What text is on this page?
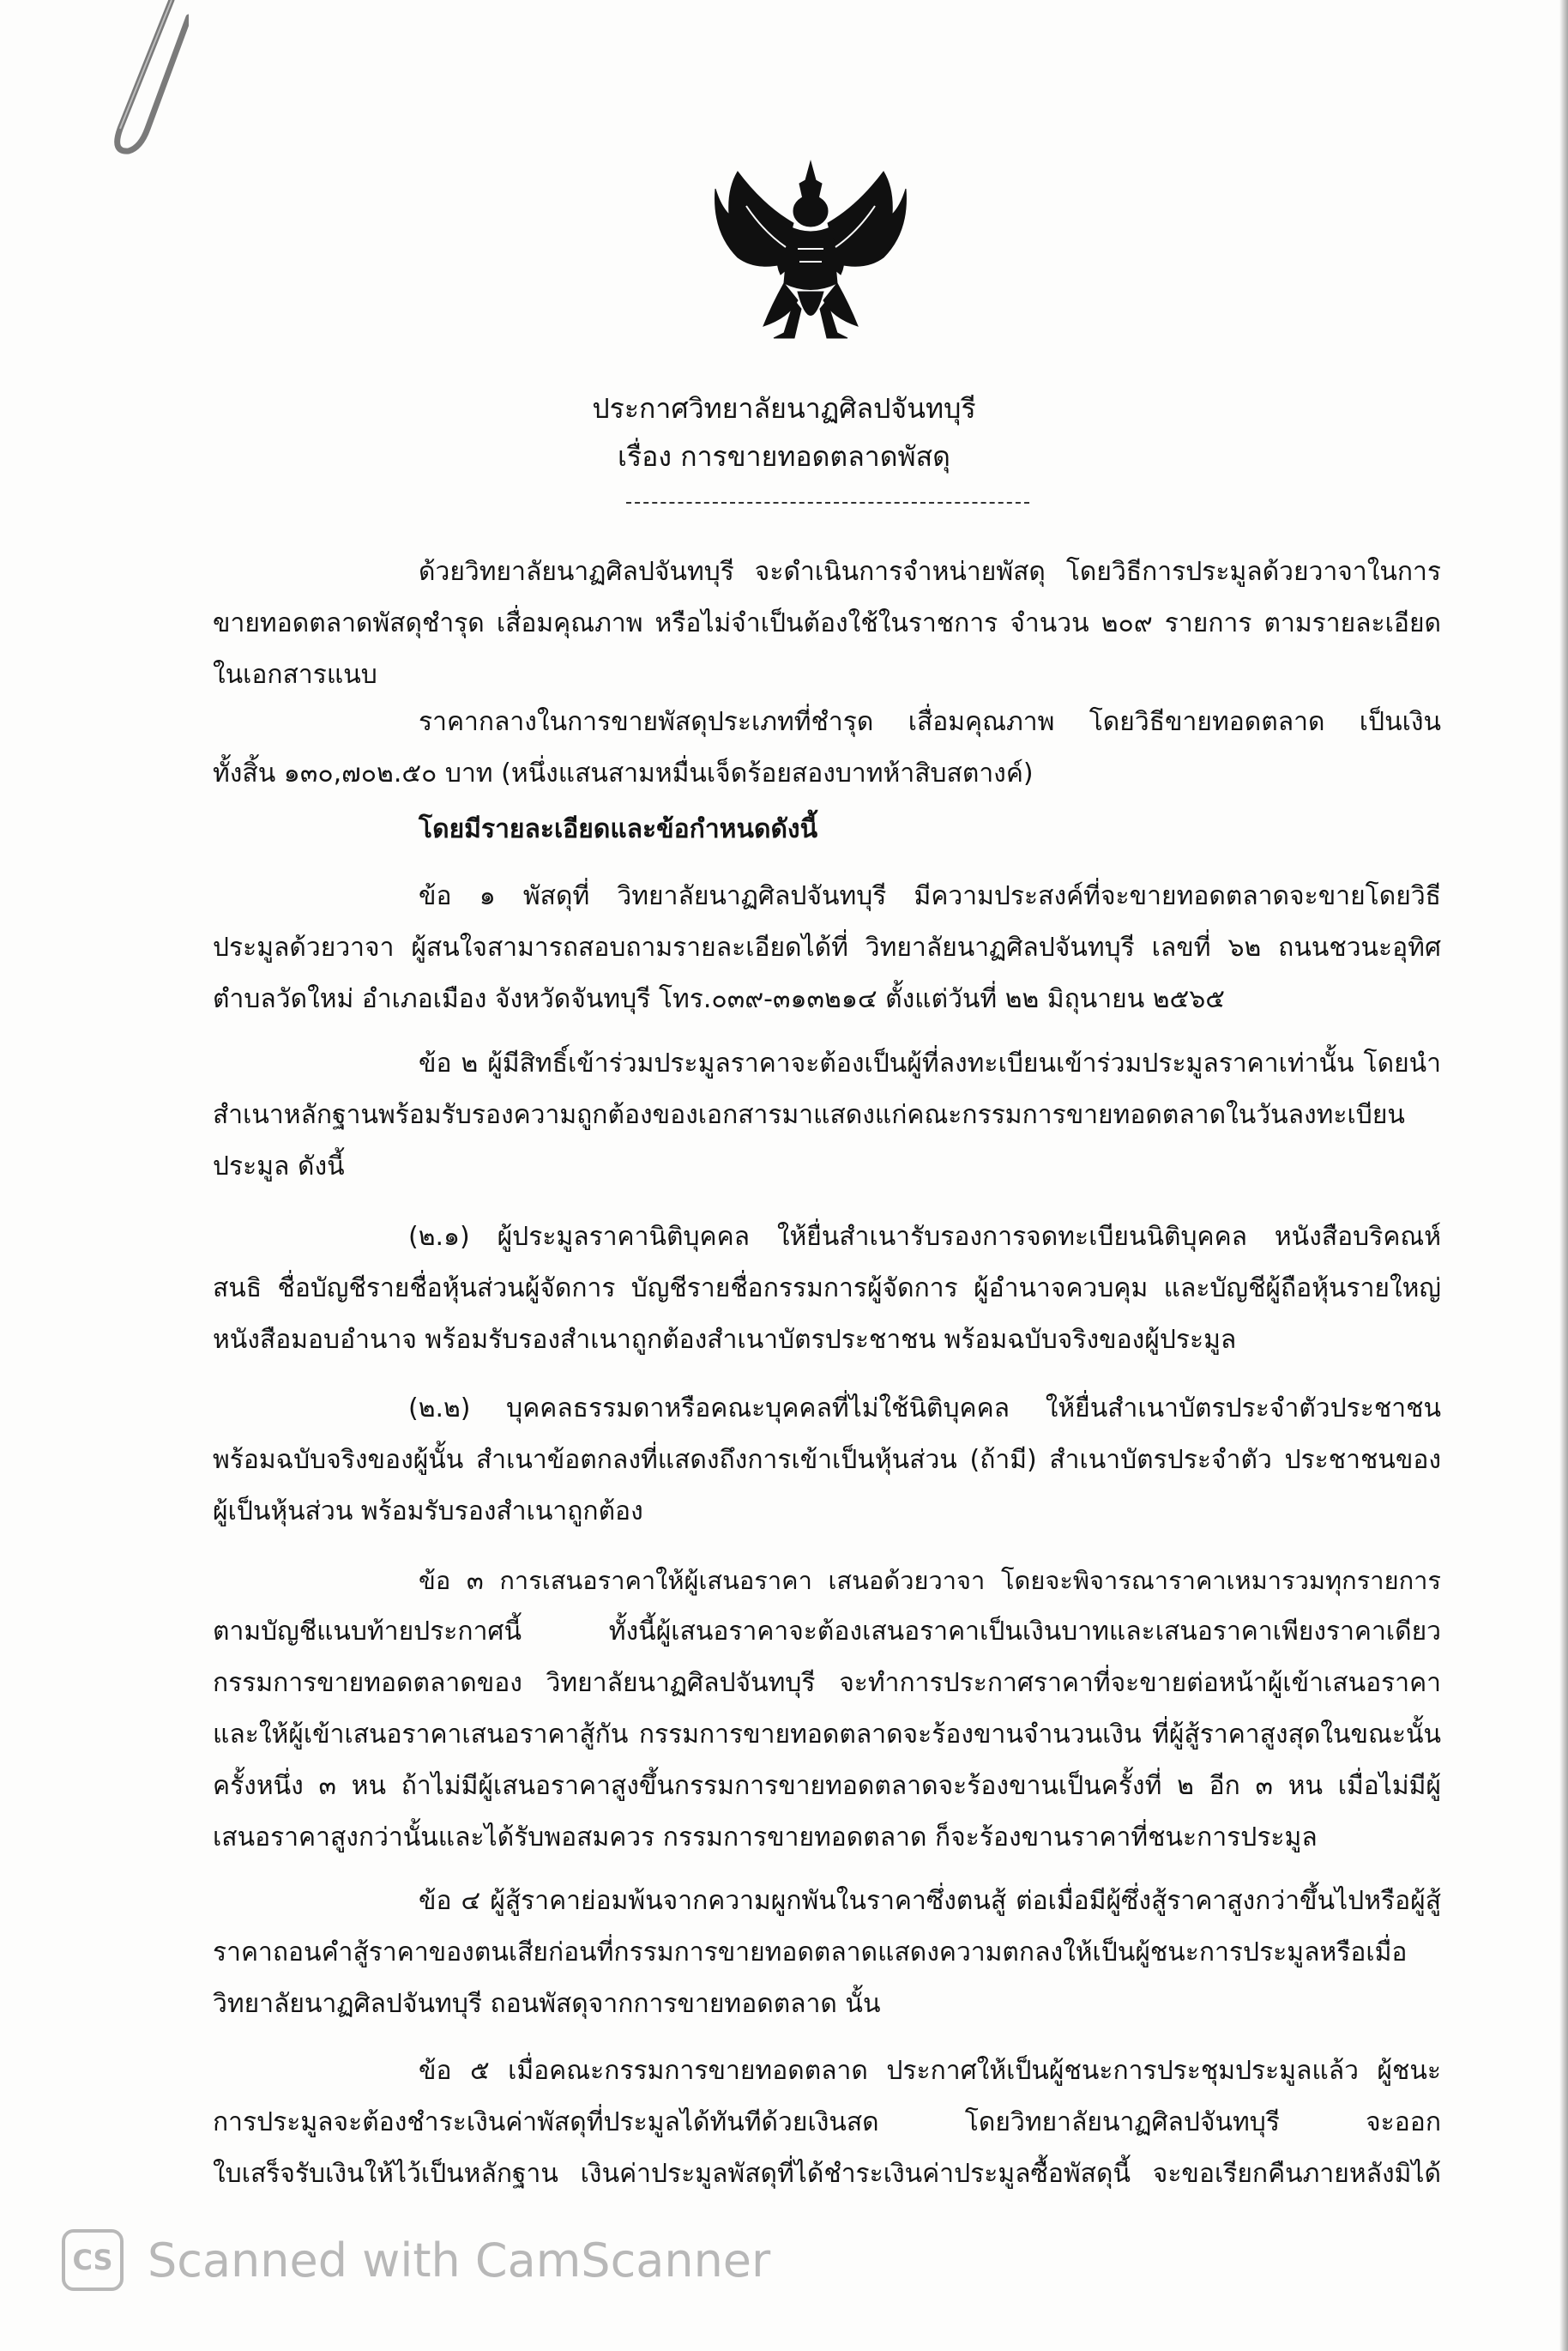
ประกาศวิทยาลัยนาฏศิลปจันทบุรี
เรื่อง การขายทอดตลาดพัสดุ
ด้วยวิทยาลัยนาฏศิลปจันทบุรี จะดำเนินการจำหน่ายพัสดุ โดยวิธีการประมูลด้วยวาจาในการ
ขายทอดตลาดพัสดุชำรุด เสื่อมคุณภาพ หรือไม่จำเป็นต้องใช้ในราชการ จำนวน ๒๐๙ รายการ ตามรายละเอียด
ในเอกสารแนบ
ราคากลางในการขายพัสดุประเภทที่ชำรุด เสื่อมคุณภาพ โดยวิธีขายทอดตลาด เป็นเงิน
ทั้งสิ้น ๑๓๐,๗๐๒.๕๐ บาท (หนึ่งแสนสามหมื่นเจ็ดร้อยสองบาทห้าสิบสตางค์)
โดยมีรายละเอียดและข้อกำหนดดังนี้
ข้อ ๑ พัสดุที่ วิทยาลัยนาฏศิลปจันทบุรี มีความประสงค์ที่จะขายทอดตลาดจะขายโดยวิธี
ประมูลด้วยวาจา ผู้สนใจสามารถสอบถามรายละเอียดได้ที่ วิทยาลัยนาฏศิลปจันทบุรี เลขที่ ๖๒ ถนนชวนะอุทิศ
ตำบลวัดใหม่ อำเภอเมือง จังหวัดจันทบุรี โทร.๐๓๙-๓๑๓๒๑๔ ตั้งแต่วันที่ ๒๒ มิถุนายน ๒๕๖๕
ข้อ ๒ ผู้มีสิทธิ์เข้าร่วมประมูลราคาจะต้องเป็นผู้ที่ลงทะเบียนเข้าร่วมประมูลราคาเท่านั้น โดยนำ
สำเนาหลักฐานพร้อมรับรองความถูกต้องของเอกสารมาแสดงแก่คณะกรรมการขายทอดตลาดในวันลงทะเบียน
ประมูล ดังนี้
(๒.๑) ผู้ประมูลราคานิติบุคคล ให้ยื่นสำเนารับรองการจดทะเบียนนิติบุคคล หนังสือบริคณห์
สนธิ ชื่อบัญชีรายชื่อหุ้นส่วนผู้จัดการ บัญชีรายชื่อกรรมการผู้จัดการ ผู้อำนาจควบคุม และบัญชีผู้ถือหุ้นรายใหญ่
หนังสือมอบอำนาจ พร้อมรับรองสำเนาถูกต้องสำเนาบัตรประชาชน พร้อมฉบับจริงของผู้ประมูล
(๒.๒) บุคคลธรรมดาหรือคณะบุคคลที่ไม่ใช้นิติบุคคล ให้ยื่นสำเนาบัตรประจำตัวประชาชน
พร้อมฉบับจริงของผู้นั้น สำเนาข้อตกลงที่แสดงถึงการเข้าเป็นหุ้นส่วน (ถ้ามี) สำเนาบัตรประจำตัว ประชาชนของ
ผู้เป็นหุ้นส่วน พร้อมรับรองสำเนาถูกต้อง
ข้อ ๓ การเสนอราคาให้ผู้เสนอราคา เสนอด้วยวาจา โดยจะพิจารณาราคาเหมารวมทุกรายการ
ตามบัญชีแนบท้ายประกาศนี้ ทั้งนี้ผู้เสนอราคาจะต้องเสนอราคาเป็นเงินบาทและเสนอราคาเพียงราคาเดียว
กรรมการขายทอดตลาดของ วิทยาลัยนาฏศิลปจันทบุรี จะทำการประกาศราคาที่จะขายต่อหน้าผู้เข้าเสนอราคา
และให้ผู้เข้าเสนอราคาเสนอราคาสู้กัน กรรมการขายทอดตลาดจะร้องขานจำนวนเงิน ที่ผู้สู้ราคาสูงสุดในขณะนั้น
ครั้งหนึ่ง ๓ หน ถ้าไม่มีผู้เสนอราคาสูงขึ้นกรรมการขายทอดตลาดจะร้องขานเป็นครั้งที่ ๒ อีก ๓ หน เมื่อไม่มีผู้
เสนอราคาสูงกว่านั้นและได้รับพอสมควร กรรมการขายทอดตลาด ก็จะร้องขานราคาที่ชนะการประมูล
ข้อ ๔ ผู้สู้ราคาย่อมพ้นจากความผูกพันในราคาซึ่งตนสู้ ต่อเมื่อมีผู้ซึ่งสู้ราคาสูงกว่าขึ้นไปหรือผู้สู้
ราคาถอนคำสู้ราคาของตนเสียก่อนที่กรรมการขายทอดตลาดแสดงความตกลงให้เป็นผู้ชนะการประมูลหรือเมื่อ
วิทยาลัยนาฏศิลปจันทบุรี ถอนพัสดุจากการขายทอดตลาด นั้น
ข้อ ๕ เมื่อคณะกรรมการขายทอดตลาด ประกาศให้เป็นผู้ชนะการประชุมประมูลแล้ว ผู้ชนะ
การประมูลจะต้องชำระเงินค่าพัสดุที่ประมูลได้ทันทีด้วยเงินสด โดยวิทยาลัยนาฏศิลปจันทบุรี จะออก
ใบเสร็จรับเงินให้ไว้เป็นหลักฐาน เงินค่าประมูลพัสดุที่ได้ชำระเงินค่าประมูลซื้อพัสดุนี้ จะขอเรียกคืนภายหลังมิได้
CS Scanned with CamScanner
